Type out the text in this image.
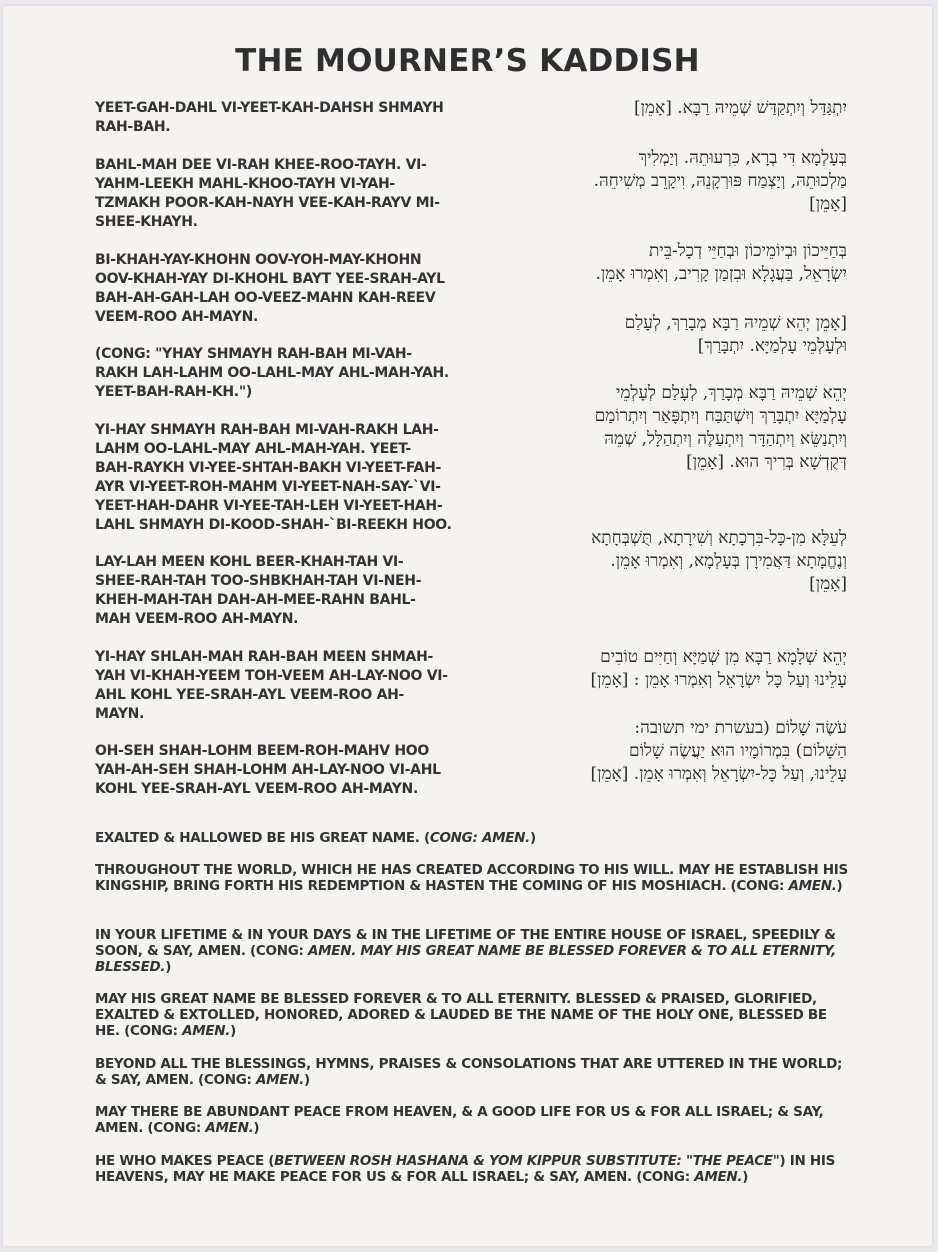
THE MOURNER’S KADDISH
YEET-GAH-DAHL VI-YEET-KAH-DAHSH SHMAYH
RAH-BAH.
BAHL-MAH DEE VI-RAH KHEE-ROO-TAYH. VI-
YAHM-LEEKH MAHL-KHOO-TAYH VI-YAH-
TZMAKH POOR-KAH-NAYH VEE-KAH-RAYV MI-
SHEE-KHAYH.
BI-KHAH-YAY-KHOHN OOV-YOH-MAY-KHOHN
OOV-KHAH-YAY DI-KHOHL BAYT YEE-SRAH-AYL
BAH-AH-GAH-LAH OO-VEEZ-MAHN KAH-REEV
VEEM-ROO AH-MAYN.
(CONG: "YHAY SHMAYH RAH-BAH MI-VAH-
RAKH LAH-LAHM OO-LAHL-MAY AHL-MAH-YAH.
YEET-BAH-RAH-KH.")
YI-HAY SHMAYH RAH-BAH MI-VAH-RAKH LAH-
LAHM OO-LAHL-MAY AHL-MAH-YAH. YEET-
BAH-RAYKH VI-YEE-SHTAH-BAKH VI-YEET-FAH-
AYR VI-YEET-ROH-MAHM VI-YEET-NAH-SAY-`VI-
YEET-HAH-DAHR VI-YEE-TAH-LEH VI-YEET-HAH-
LAHL SHMAYH DI-KOOD-SHAH-`BI-REEKH HOO.
LAY-LAH MEEN KOHL BEER-KHAH-TAH VI-
SHEE-RAH-TAH TOO-SHBKHAH-TAH VI-NEH-
KHEH-MAH-TAH DAH-AH-MEE-RAHN BAHL-
MAH VEEM-ROO AH-MAYN.
YI-HAY SHLAH-MAH RAH-BAH MEEN SHMAH-
YAH VI-KHAH-YEEM TOH-VEEM AH-LAY-NOO VI-
AHL KOHL YEE-SRAH-AYL VEEM-ROO AH-
MAYN.
OH-SEH SHAH-LOHM BEEM-ROH-MAHV HOO
YAH-AH-SEH SHAH-LOHM AH-LAY-NOO VI-AHL
KOHL YEE-SRAH-AYL VEEM-ROO AH-MAYN.
יִתְגַּדַּל וְיִתְקַדַּשׁ שְׁמֵיהּ רַבָּא. [אָמֵן]
בְּעָלְמָא דִּי בְרָא, כִּרְעוּתֵהּ. וְיַמְלִיךְ
מַלְכוּתֵהּ, וְיַצְמַח פּוּרְקָנֵהּ, וִיקָרֵב מְשִׁיחֵהּ.
[אָמֵן]
בְּחַיֵּיכוֹן וּבְיוֹמֵיכוֹן וּבְחַיֵּי דְכָל-בֵּית
יִשְׂרָאֵל, בַּעֲגָלָא וּבִזְמַן קָרִיב, וְאִמְרוּ אָמֵן.
[אָמֵן יְהֵא שְׁמֵיהּ רַבָּא מְבָרַךְ, לְעָלַם
וּלְעָלְמֵי עָלְמַיָּא. יִתְבָּרַךְ]
יְהֵא שְׁמֵיהּ רַבָּא מְבָרַךְ, לְעָלַם לְעָלְמֵי
עָלְמַיָּא יִתְבָּרַךְ וְיִשְׁתַּבַּח וְיִתְפָּאַר וְיִתְרוֹמַם
וְיִתְנַשֵּׂא וְיִתְהַדָּר וְיִתְעַלֶּה וְיִתְהַלָּל, שְׁמֵהּ
דְּקֻדְשָׁא בְּרִיךְ הוּא. [אָמֵן]
לְעֵלָּא מִן-כָּל-בִּרְכָתָא וְשִׁירָתָא, תֻּשְׁבְּחָתָא
וְנֶחֱמָתָא דַּאֲמִירָן בְּעָלְמָא, וְאִמְרוּ אָמֵן.
[אָמֵן]
יְהֵא שְׁלָמָא רַבָּא מִן שְׁמַיָּא וְחַיִּים טוֹבִים
עָלֵינוּ וְעַל כָּל יִשְׂרָאֵל וְאִמְרוּ אָמֵן : [אָמֵן]
עֹשֶׂה שָׁלוֹם (בעשרת ימי תשובה:
הַשָּׁלוֹם) בִּמְרוֹמָיו הוּא יַעֲשֶׂה שָׁלוֹם
עָלֵינוּ, וְעַל כָּל-יִשְׂרָאֵל וְאִמְרוּ אָמֵן. [אָמֵן]
EXALTED & HALLOWED BE HIS GREAT NAME. (CONG: AMEN.)
THROUGHOUT THE WORLD, WHICH HE HAS CREATED ACCORDING TO HIS WILL. MAY HE ESTABLISH HIS KINGSHIP, BRING FORTH HIS REDEMPTION & HASTEN THE COMING OF HIS MOSHIACH. (CONG: AMEN.)
IN YOUR LIFETIME & IN YOUR DAYS & IN THE LIFETIME OF THE ENTIRE HOUSE OF ISRAEL, SPEEDILY & SOON, & SAY, AMEN. (CONG: AMEN. MAY HIS GREAT NAME BE BLESSED FOREVER & TO ALL ETERNITY, BLESSED.)
MAY HIS GREAT NAME BE BLESSED FOREVER & TO ALL ETERNITY. BLESSED & PRAISED, GLORIFIED, EXALTED & EXTOLLED, HONORED, ADORED & LAUDED BE THE NAME OF THE HOLY ONE, BLESSED BE HE. (CONG: AMEN.)
BEYOND ALL THE BLESSINGS, HYMNS, PRAISES & CONSOLATIONS THAT ARE UTTERED IN THE WORLD; & SAY, AMEN. (CONG: AMEN.)
MAY THERE BE ABUNDANT PEACE FROM HEAVEN, & A GOOD LIFE FOR US & FOR ALL ISRAEL; & SAY, AMEN. (CONG: AMEN.)
HE WHO MAKES PEACE (BETWEEN ROSH HASHANA & YOM KIPPUR SUBSTITUTE: "THE PEACE") IN HIS HEAVENS, MAY HE MAKE PEACE FOR US & FOR ALL ISRAEL; & SAY, AMEN. (CONG: AMEN.)
